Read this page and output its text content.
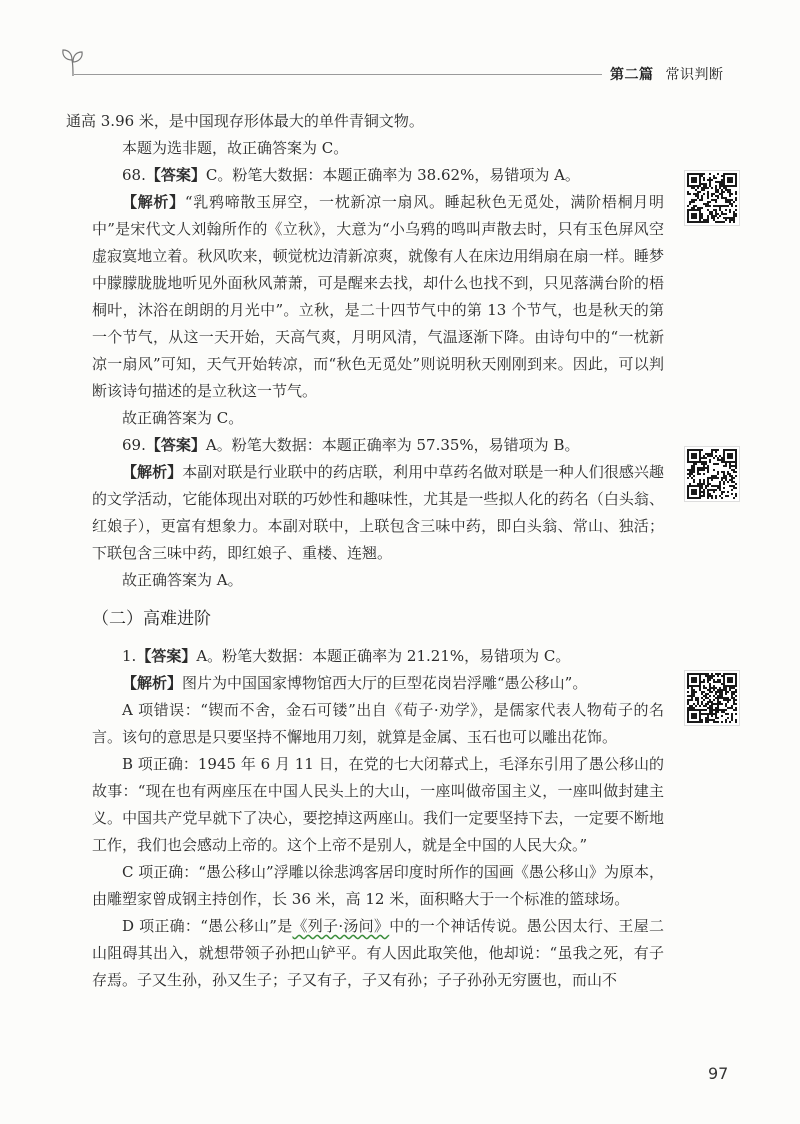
第二篇 常识判断

通高 3.96 米，是中国现存形体最大的单件青铜文物。

本题为选非题，故正确答案为 C。

68.【答案】C。粉笔大数据：本题正确率为 38.62%，易错项为 A。

【解析】“乳鸦啼散玉屏空，一枕新凉一扇风。睡起秋色无觅处，满阶梧桐月明中”是宋代文人刘翰所作的《立秋》，大意为“小乌鸦的鸣叫声散去时，只有玉色屏风空虚寂寞地立着。秋风吹来，顿觉枕边清新凉爽，就像有人在床边用绢扇在扇一样。睡梦中朦朦胧胧地听见外面秋风萧萧，可是醒来去找，却什么也找不到，只见落满台阶的梧桐叶，沐浴在朗朗的月光中”。立秋，是二十四节气中的第 13 个节气，也是秋天的第一个节气，从这一天开始，天高气爽，月明风清，气温逐渐下降。由诗句中的“一枕新凉一扇风”可知，天气开始转凉，而“秋色无觅处”则说明秋天刚刚到来。因此，可以判断该诗句描述的是立秋这一节气。

故正确答案为 C。

69.【答案】A。粉笔大数据：本题正确率为 57.35%，易错项为 B。

【解析】本副对联是行业联中的药店联，利用中草药名做对联是一种人们很感兴趣的文学活动，它能体现出对联的巧妙性和趣味性，尤其是一些拟人化的药名（白头翁、红娘子），更富有想象力。本副对联中，上联包含三味中药，即白头翁、常山、独活；下联包含三味中药，即红娘子、重楼、连翘。

故正确答案为 A。

（二）高难进阶

1.【答案】A。粉笔大数据：本题正确率为 21.21%，易错项为 C。

【解析】图片为中国国家博物馆西大厅的巨型花岗岩浮雕“愚公移山”。

A 项错误：“锲而不舍，金石可镂”出自《荀子·劝学》，是儒家代表人物荀子的名言。该句的意思是只要坚持不懈地用刀刻，就算是金属、玉石也可以雕出花饰。

B 项正确：1945 年 6 月 11 日，在党的七大闭幕式上，毛泽东引用了愚公移山的故事：“现在也有两座压在中国人民头上的大山，一座叫做帝国主义，一座叫做封建主义。中国共产党早就下了决心，要挖掉这两座山。我们一定要坚持下去，一定要不断地工作，我们也会感动上帝的。这个上帝不是别人，就是全中国的人民大众。”

C 项正确：“愚公移山”浮雕以徐悲鸿客居印度时所作的国画《愚公移山》为原本，由雕塑家曾成钢主持创作，长 36 米，高 12 米，面积略大于一个标准的篮球场。

D 项正确：“愚公移山”是《列子·汤问》中的一个神话传说。愚公因太行、王屋二山阻碍其出入，就想带领子孙把山铲平。有人因此取笑他，他却说：“虽我之死，有子存焉。子又生孙，孙又生子；子又有子，子又有孙；子子孙孙无穷匮也，而山不

97
